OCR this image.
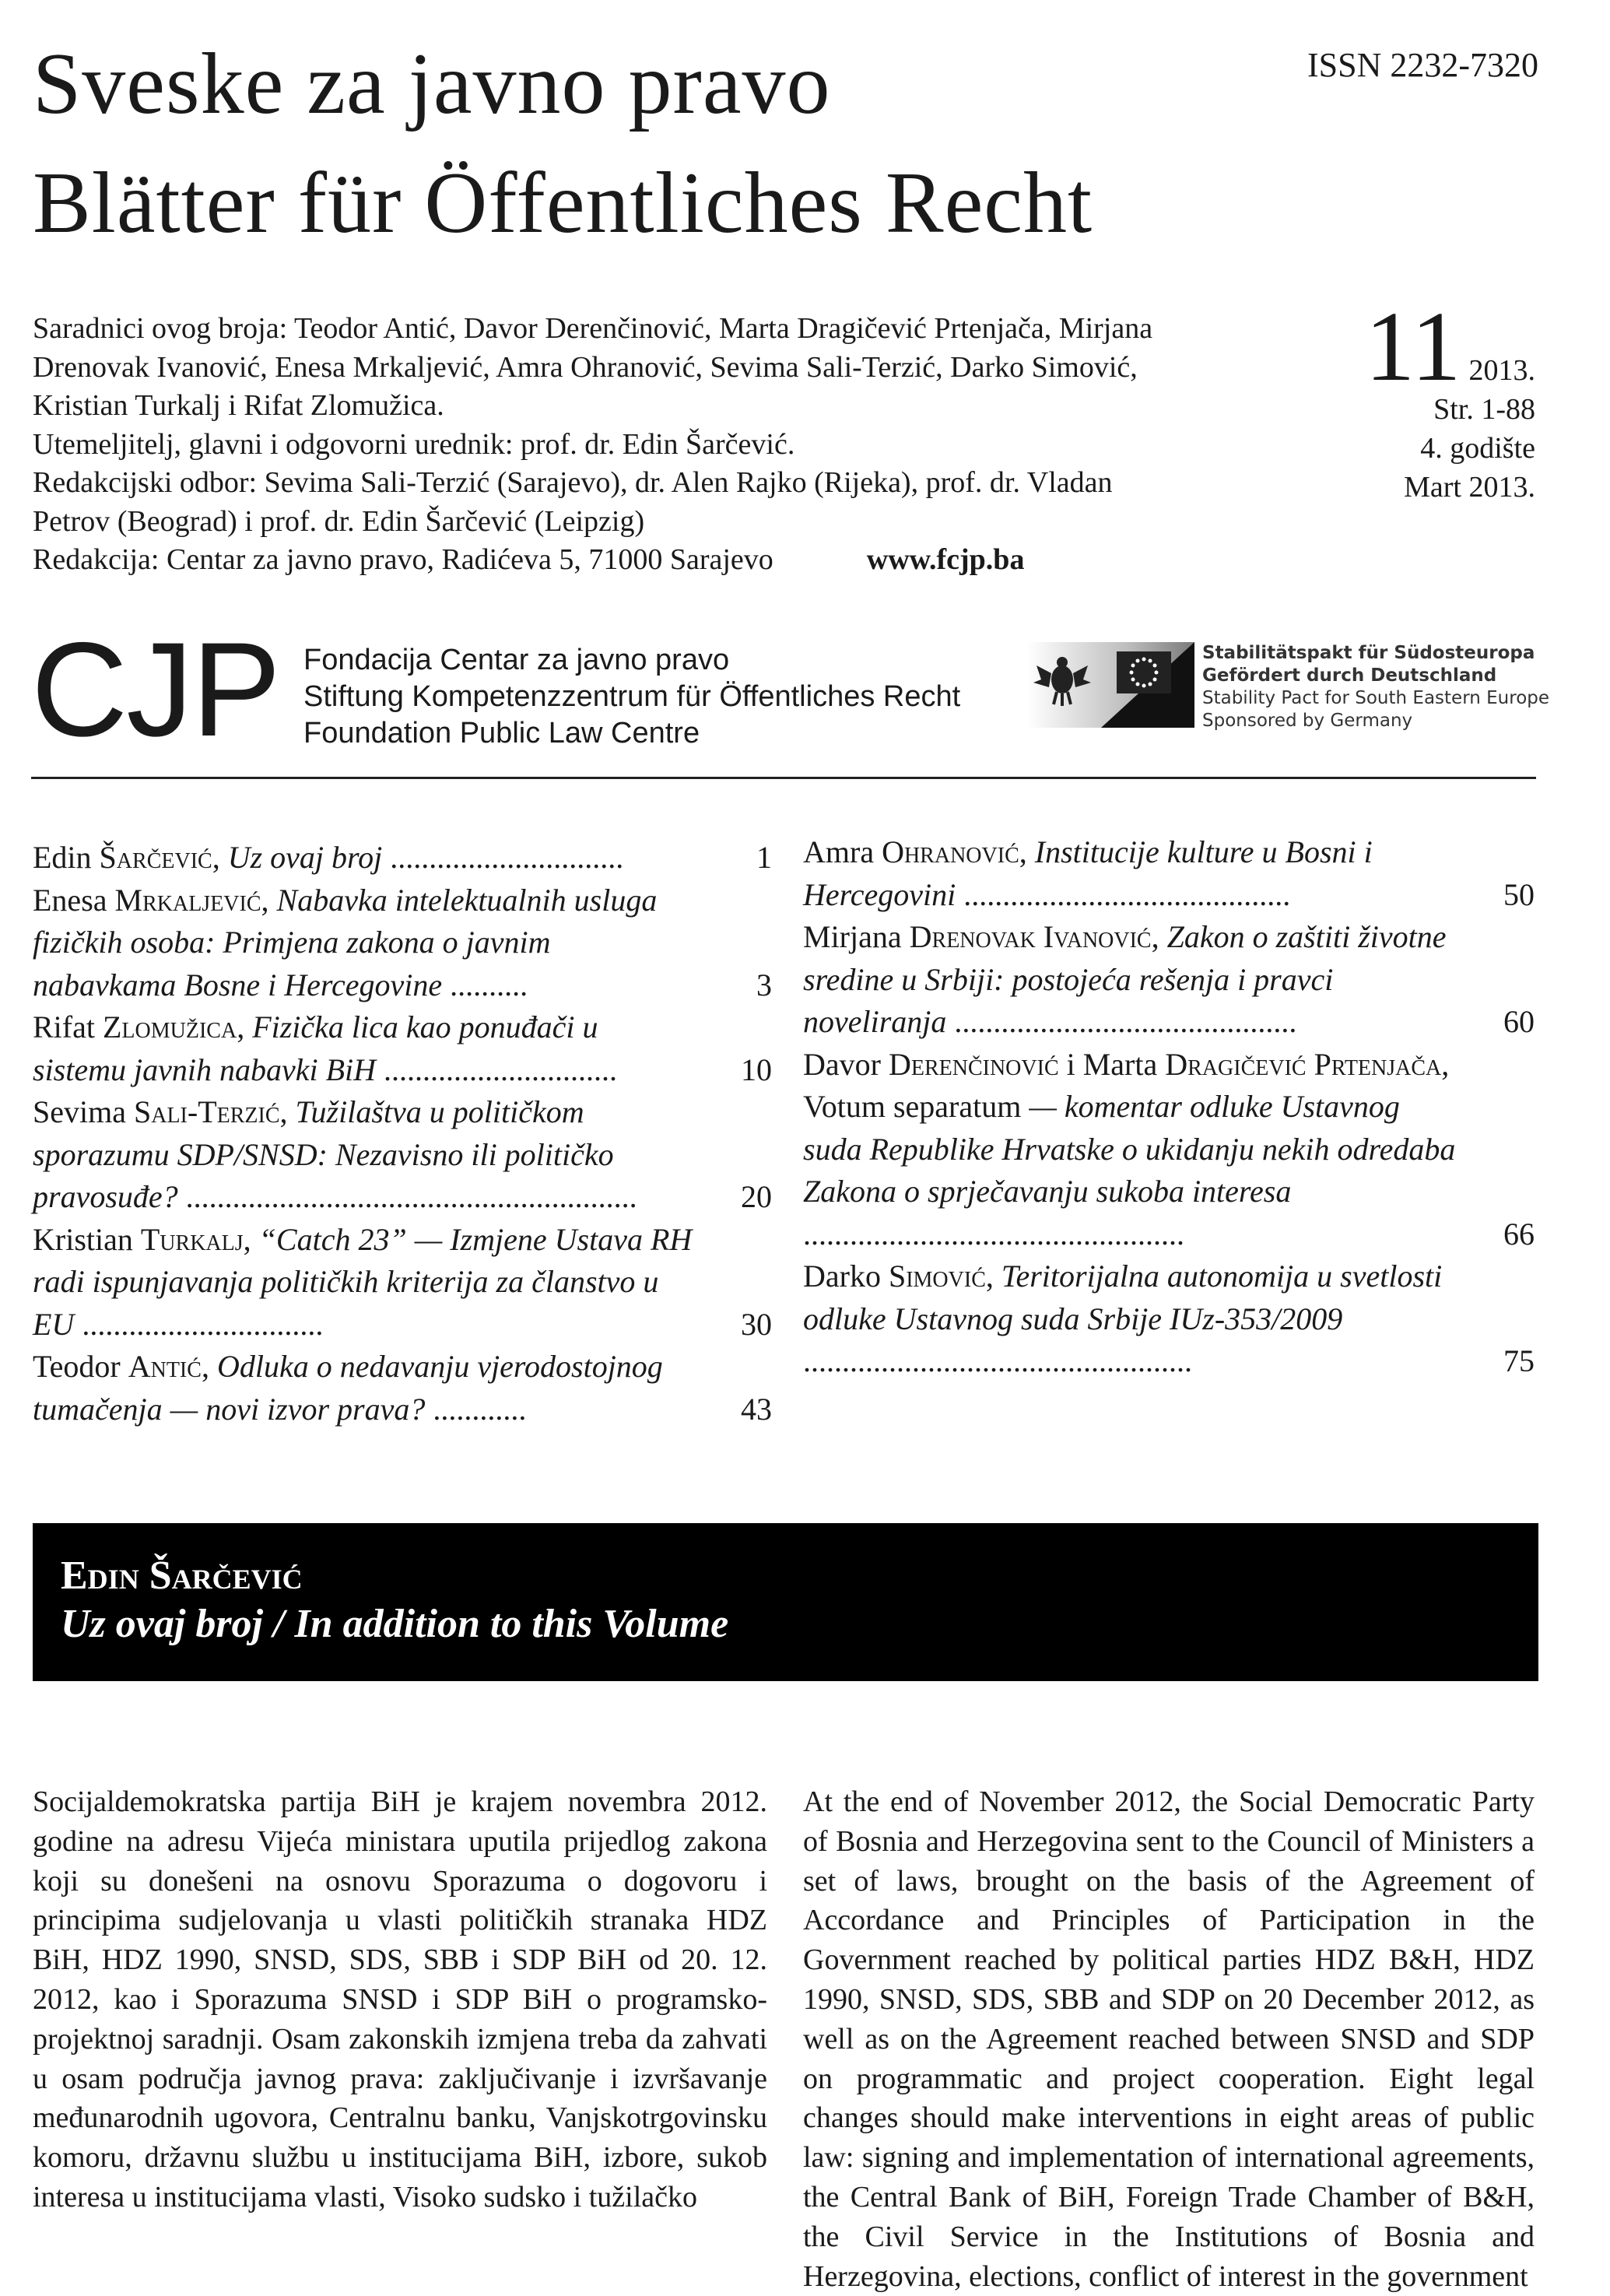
Sveske za javno pravo
Blätter für Öffentliches Recht
ISSN 2232-7320
Saradnici ovog broja: Teodor Antić, Davor Derenčinović, Marta Dragičević Prtenjača, Mirjana
Drenovak Ivanović, Enesa Mrkaljević, Amra Ohranović, Sevima Sali-Terzić, Darko Simović,
Kristian Turkalj i Rifat Zlomužica.
Utemeljitelj, glavni i odgovorni urednik: prof. dr. Edin Šarčević.
Redakcijski odbor: Sevima Sali-Terzić (Sarajevo), dr. Alen Rajko (Rijeka), prof. dr. Vladan
Petrov (Beograd) i prof. dr. Edin Šarčević (Leipzig)
Redakcija: Centar za javno pravo, Radićeva 5, 71000 Sarajevo	www.fcjp.ba
11 2013.
Str. 1-88
4. godište
Mart 2013.
CJP Fondacija Centar za javno pravo
Stiftung Kompetenzzentrum für Öffentliches Recht
Foundation Public Law Centre
Stabilitätspakt für Südosteuropa
Gefördert durch Deutschland
Stability Pact for South Eastern Europe
Sponsored by Germany
Edin Šarčević, Uz ovaj broj ..............................	1
Enesa Mrkaljević, Nabavka intelektualnih usluga fizičkih osoba: Primjena zakona o javnim nabavkama Bosne i Hercegovine ..........	3
Rifat Zlomužica, Fizička lica kao ponuđači u sistemu javnih nabavki BiH ..............................	10
Sevima Sali-Terzić, Tužilaštva u političkom sporazumu SDP/SNSD: Nezavisno ili političko pravosuđe? ..........................................................	20
Kristian Turkalj, “Catch 23” — Izmjene Ustava RH radi ispunjavanja političkih kriterija za članstvo u EU ...............................	30
Teodor Antić, Odluka o nedavanju vjerodostojnog tumačenja — novi izvor prava? ............	43
Amra Ohranović, Institucije kulture u Bosni i Hercegovini ..........................................	50
Mirjana Drenovak Ivanović, Zakon o zaštiti životne sredine u Srbiji: postojeća rešenja i pravci noveliranja ............................................	60
Davor Derenčinović i Marta Dragičević Prtenjača, Votum separatum — komentar odluke Ustavnog suda Republike Hrvatske o ukidanju nekih odredaba Zakona o sprječavanju sukoba interesa .................................................	66
Darko Simović, Teritorijalna autonomija u svetlosti odluke Ustavnog suda Srbije IUz-353/2009 ..................................................	75
Edin Šarčević
Uz ovaj broj / In addition to this Volume
Socijaldemokratska partija BiH je krajem novembra 2012. godine na adresu Vijeća ministara uputila prijedlog zakona koji su donešeni na osnovu Sporazuma o dogovoru i principima sudjelovanja u vlasti političkih stranaka HDZ BiH, HDZ 1990, SNSD, SDS, SBB i SDP BiH od 20. 12. 2012, kao i Sporazuma SNSD i SDP BiH o programsko-projektnoj saradnji. Osam zakonskih izmjena treba da zahvati u osam područja javnog prava: zaključivanje i izvršavanje međunarodnih ugovora, Centralnu banku, Vanjskotrgovinsku komoru, državnu službu u institucijama BiH, izbore, sukob interesa u institucijama vlasti, Visoko sudsko i tužilačko
At the end of November 2012, the Social Democratic Party of Bosnia and Herzegovina sent to the Council of Ministers a set of laws, brought on the basis of the Agreement of Accordance and Principles of Participation in the Government reached by political parties HDZ B&H, HDZ 1990, SNSD, SDS, SBB and SDP on 20 December 2012, as well as on the Agreement reached between SNSD and SDP on programmatic and project cooperation. Eight legal changes should make interventions in eight areas of public law: signing and implementation of international agreements, the Central Bank of BiH, Foreign Trade Chamber of B&H, the Civil Service in the Institutions of Bosnia and Herzegovina, elections, conflict of interest in the government
